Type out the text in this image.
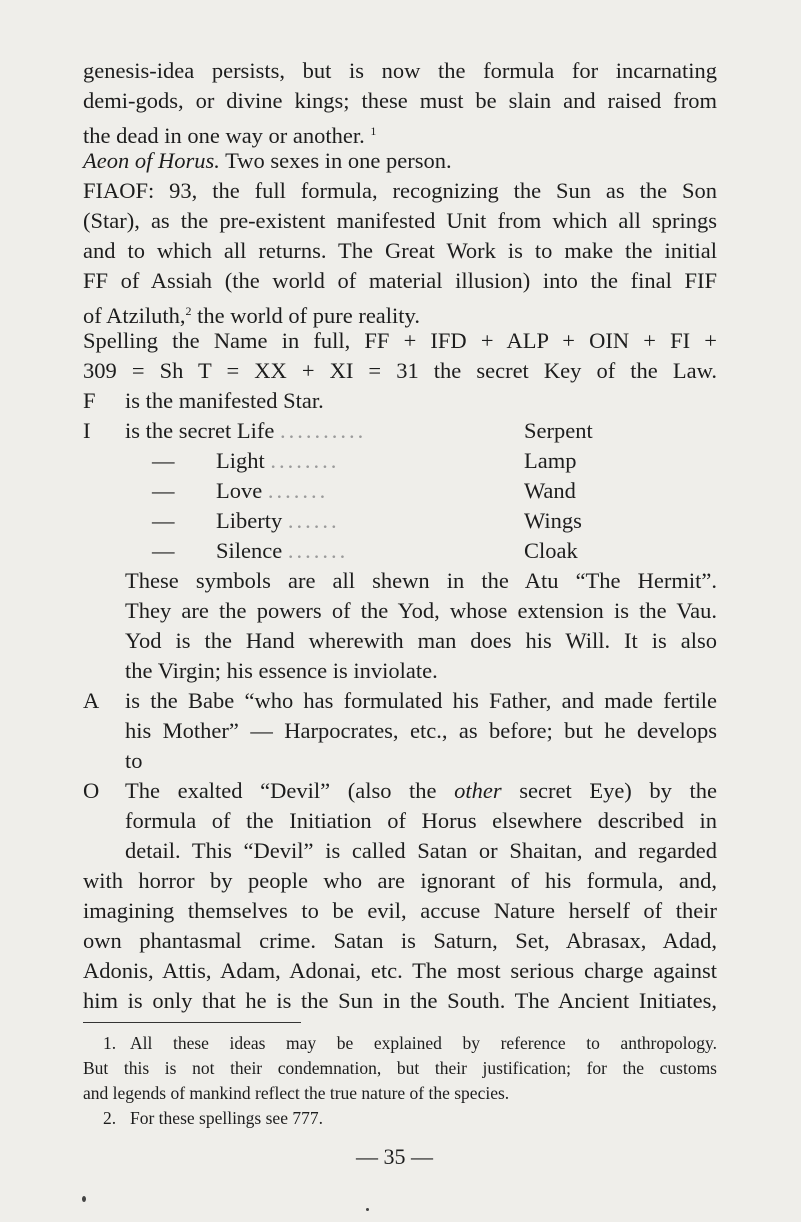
genesis-idea persists, but is now the formula for incarnating
demi-gods, or divine kings; these must be slain and raised from
the dead in one way or another. $^1$
Aeon of Horus. Two sexes in one person.
FIAOF: 93, the full formula, recognizing the Sun as the Son
(Star), as the pre-existent manifested Unit from which all springs
and to which all returns. The Great Work is to make the initial
FF of Assiah (the world of material illusion) into the final FIF
of Atziluth,$^2$ the world of pure reality.
Spelling the Name in full, FF + IFD + ALP + OIN + FI +
309 = Sh T = XX + XI = 31 the secret Key of the Law.
F is the manifested Star.
I is the secret Life ..........	Serpent
— Light ........	Lamp
— Love .......	Wand
— Liberty ......	Wings
— Silence .......	Cloak
These symbols are all shewn in the Atu “The Hermit”.
They are the powers of the Yod, whose extension is the Vau.
Yod is the Hand wherewith man does his Will. It is also
the Virgin; his essence is inviolate.
A is the Babe “who has formulated his Father, and made fertile
his Mother” — Harpocrates, etc., as before; but he develops
to
O The exalted “Devil” (also the other secret Eye) by the
formula of the Initiation of Horus elsewhere described in
detail. This “Devil” is called Satan or Shaitan, and regarded
with horror by people who are ignorant of his formula, and,
imagining themselves to be evil, accuse Nature herself of their
own phantasmal crime. Satan is Saturn, Set, Abrasax, Adad,
Adonis, Attis, Adam, Adonai, etc. The most serious charge against
him is only that he is the Sun in the South. The Ancient Initiates,
1. All these ideas may be explained by reference to anthropology.
But this is not their condemnation, but their justification; for the customs
and legends of mankind reflect the true nature of the species.
2. For these spellings see 777.
— 35 —
